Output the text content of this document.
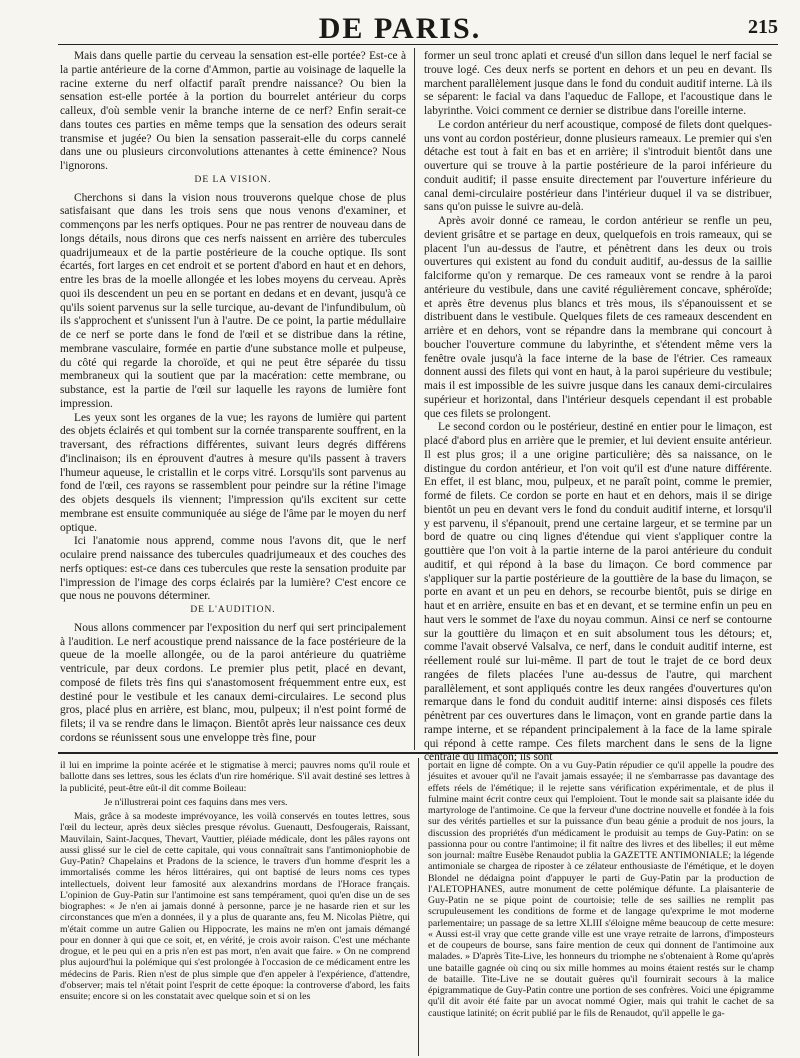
DE PARIS.	215

Mais dans quelle partie du cerveau la sensation est-elle portée? Est-ce à la partie antérieure de la corne d'Ammon, partie au voisinage de laquelle la racine externe du nerf olfactif paraît prendre naissance? Ou bien la sensation est-elle portée à la portion du bourrelet antérieur du corps calleux, d'où semble venir la branche interne de ce nerf? Enfin serait-ce dans toutes ces parties en même temps que la sensation des odeurs serait transmise et jugée? Ou bien la sensation passerait-elle du corps cannelé dans une ou plusieurs circonvolutions attenantes à cette éminence? Nous l'ignorons.

DE LA VISION.

Cherchons si dans la vision nous trouverons quelque chose de plus satisfaisant que dans les trois sens que nous venons d'examiner, et commençons par les nerfs optiques. Pour ne pas rentrer de nouveau dans de longs détails, nous dirons que ces nerfs naissent en arrière des tubercules quadrijumeaux et de la partie postérieure de la couche optique. Ils sont écartés, fort larges en cet endroit et se portent d'abord en haut et en dehors, entre les bras de la moelle allongée et les lobes moyens du cerveau. Après quoi ils descendent un peu en se portant en dedans et en devant, jusqu'à ce qu'ils soient parvenus sur la selle turcique, au-devant de l'infundibulum, où ils s'approchent et s'unissent l'un à l'autre. De ce point, la partie médullaire de ce nerf se porte dans le fond de l'œil et se distribue dans la rétine, membrane vasculaire, formée en partie d'une substance molle et pulpeuse, du côté qui regarde la choroïde, et qui ne peut être séparée du tissu membraneux qui la soutient que par la macération: cette membrane, ou substance, est la partie de l'œil sur laquelle les rayons de lumière font impression.

Les yeux sont les organes de la vue; les rayons de lumière qui partent des objets éclairés et qui tombent sur la cornée transparente souffrent, en la traversant, des réfractions différentes, suivant leurs degrés différens d'inclinaison; ils en éprouvent d'autres à mesure qu'ils passent à travers l'humeur aqueuse, le cristallin et le corps vitré. Lorsqu'ils sont parvenus au fond de l'œil, ces rayons se rassemblent pour peindre sur la rétine l'image des objets desquels ils viennent; l'impression qu'ils excitent sur cette membrane est ensuite communiquée au siége de l'âme par le moyen du nerf optique.

Ici l'anatomie nous apprend, comme nous l'avons dit, que le nerf oculaire prend naissance des tubercules quadrijumeaux et des couches des nerfs optiques: est-ce dans ces tubercules que reste la sensation produite par l'impression de l'image des corps éclairés par la lumière? C'est encore ce que nous ne pouvons déterminer.

DE L'AUDITION.

Nous allons commencer par l'exposition du nerf qui sert principalement à l'audition. Le nerf acoustique prend naissance de la face postérieure de la queue de la moelle allongée, ou de la paroi antérieure du quatrième ventricule, par deux cordons. Le premier plus petit, placé en devant, composé de filets très fins qui s'anastomosent fréquemment entre eux, est destiné pour le vestibule et les canaux demi-circulaires. Le second plus gros, placé plus en arrière, est blanc, mou, pulpeux; il n'est point formé de filets; il va se rendre dans le limaçon. Bientôt après leur naissance ces deux cordons se réunissent sous une enveloppe très fine, pour

former un seul tronc aplati et creusé d'un sillon dans lequel le nerf facial se trouve logé. Ces deux nerfs se portent en dehors et un peu en devant. Ils marchent parallèlement jusque dans le fond du conduit auditif interne. Là ils se séparent: le facial va dans l'aqueduc de Fallope, et l'acoustique dans le labyrinthe. Voici comment ce dernier se distribue dans l'oreille interne.

Le cordon antérieur du nerf acoustique, composé de filets dont quelques-uns vont au cordon postérieur, donne plusieurs rameaux. Le premier qui s'en détache est tout à fait en bas et en arrière; il s'introduit bientôt dans une ouverture qui se trouve à la partie postérieure de la paroi inférieure du conduit auditif; il passe ensuite directement par l'ouverture inférieure du canal demi-circulaire postérieur dans l'intérieur duquel il va se distribuer, sans qu'on puisse le suivre au-delà.

Après avoir donné ce rameau, le cordon antérieur se renfle un peu, devient grisâtre et se partage en deux, quelquefois en trois rameaux, qui se placent l'un au-dessus de l'autre, et pénètrent dans les deux ou trois ouvertures qui existent au fond du conduit auditif, au-dessus de la saillie falciforme qu'on y remarque. De ces rameaux vont se rendre à la paroi antérieure du vestibule, dans une cavité régulièrement concave, sphéroïde; et après être devenus plus blancs et très mous, ils s'épanouissent et se distribuent dans le vestibule. Quelques filets de ces rameaux descendent en arrière et en dehors, vont se répandre dans la membrane qui concourt à boucher l'ouverture commune du labyrinthe, et s'étendent même vers la fenêtre ovale jusqu'à la face interne de la base de l'étrier. Ces rameaux donnent aussi des filets qui vont en haut, à la paroi supérieure du vestibule; mais il est impossible de les suivre jusque dans les canaux demi-circulaires supérieur et horizontal, dans l'intérieur desquels cependant il est probable que ces filets se prolongent.

Le second cordon ou le postérieur, destiné en entier pour le limaçon, est placé d'abord plus en arrière que le premier, et lui devient ensuite antérieur. Il est plus gros; il a une origine particulière; dès sa naissance, on le distingue du cordon antérieur, et l'on voit qu'il est d'une nature différente. En effet, il est blanc, mou, pulpeux, et ne paraît point, comme le premier, formé de filets. Ce cordon se porte en haut et en dehors, mais il se dirige bientôt un peu en devant vers le fond du conduit auditif interne, et lorsqu'il y est parvenu, il s'épanouit, prend une certaine largeur, et se termine par un bord de quatre ou cinq lignes d'étendue qui vient s'appliquer contre la gouttière que l'on voit à la partie interne de la paroi antérieure du conduit auditif, et qui répond à la base du limaçon. Ce bord commence par s'appliquer sur la partie postérieure de la gouttière de la base du limaçon, se porte en avant et un peu en dehors, se recourbe bientôt, puis se dirige en haut et en arrière, ensuite en bas et en devant, et se termine enfin un peu en haut vers le sommet de l'axe du noyau commun. Ainsi ce nerf se contourne sur la gouttière du limaçon et en suit absolument tous les détours; et, comme l'avait observé Valsalva, ce nerf, dans le conduit auditif interne, est réellement roulé sur lui-même. Il part de tout le trajet de ce bord deux rangées de filets placées l'une au-dessus de l'autre, qui marchent parallèlement, et sont appliqués contre les deux rangées d'ouvertures qu'on remarque dans le fond du conduit auditif interne: ainsi disposés ces filets pénètrent par ces ouvertures dans le limaçon, vont en grande partie dans la rampe interne, et se répandent principalement à la face de la lame spirale qui répond à cette rampe. Ces filets marchent dans le sens de la ligne centrale du limaçon; ils sont

il lui en imprime la pointe acérée et le stigmatise à merci; pauvres noms qu'il roule et ballotte dans ses lettres, sous les éclats d'un rire homérique. S'il avait destiné ses lettres à la publicité, peut-être eût-il dit comme Boileau:

Je n'illustrerai point ces faquins dans mes vers.

Mais, grâce à sa modeste imprévoyance, les voilà conservés en toutes lettres, sous l'œil du lecteur, après deux siècles presque révolus. Guenautt, Desfougerais, Raissant, Mauvilain, Saint-Jacques, Thevart, Vauttier, pléiade médicale, dont les pâles rayons ont aussi glissé sur le ciel de cette capitale, qui vous connaîtrait sans l'antimoniophobie de Guy-Patin? Chapelains et Pradons de la science, le travers d'un homme d'esprit les a immortalisés comme les héros littéraires, qui ont baptisé de leurs noms ces types intellectuels, doivent leur famosité aux alexandrins mordans de l'Horace français. L'opinion de Guy-Patin sur l'antimoine est sans tempérament, quoi qu'en dise un de ses biographes: « Je n'en ai jamais donné à personne, parce je ne hasarde rien et sur les circonstances que m'en a données, il y a plus de quarante ans, feu M. Nicolas Piètre, qui m'était comme un autre Galien ou Hippocrate, les mains ne m'en ont jamais démangé pour en donner à qui que ce soit, et, en vérité, je crois avoir raison. C'est une méchante drogue, et le peu qui en a pris n'en est pas mort, n'en avait que faire. » On ne comprend plus aujourd'hui la polémique qui s'est prolongée à l'occasion de ce médicament entre les médecins de Paris. Rien n'est de plus simple que d'en appeler à l'expérience, d'attendre, d'observer; mais tel n'était point l'esprit de cette époque: la controverse d'abord, les faits ensuite; encore si on les constatait avec quelque soin et si on les

portait en ligne de compte. On a vu Guy-Patin répudier ce qu'il appelle la poudre des jésuites et avouer qu'il ne l'avait jamais essayée; il ne s'embarrasse pas davantage des effets réels de l'émétique; il le rejette sans vérification expérimentale, et de plus il fulmine maint écrit contre ceux qui l'emploient. Tout le monde sait sa plaisante idée du martyrologe de l'antimoine. Ce que la ferveur d'une doctrine nouvelle et fondée à la fois sur des vérités partielles et sur la puissance d'un beau génie a produit de nos jours, la discussion des propriétés d'un médicament le produisit au temps de Guy-Patin: on se passionna pour ou contre l'antimoine; il fit naître des livres et des libelles; il eut même son journal: maître Eusèbe Renaudot publia la GAZETTE ANTIMONIALE; la légende antimoniale se chargea de riposter à ce zélateur enthousiaste de l'émétique, et le doyen Blondel ne dédaigna point d'appuyer le parti de Guy-Patin par la production de l'ALETOPHANES, autre monument de cette polémique défunte. La plaisanterie de Guy-Patin ne se pique point de courtoisie; telle de ses saillies ne remplit pas scrupuleusement les conditions de forme et de langage qu'exprime le mot moderne parlementaire; un passage de sa lettre XLIII s'éloigne même beaucoup de cette mesure: « Aussi est-il vray que cette grande ville est une vraye retraite de larrons, d'imposteurs et de coupeurs de bourse, sans faire mention de ceux qui donnent de l'antimoine aux malades. » D'après Tite-Live, les honneurs du triomphe ne s'obtenaient à Rome qu'après une bataille gagnée où cinq ou six mille hommes au moins étaient restés sur le champ de bataille. Tite-Live ne se doutait guères qu'il fournirait secours à la malice épigrammatique de Guy-Patin contre une portion de ses confrères. Voici une épigramme qu'il dit avoir été faite par un avocat nommé Ogier, mais qui trahit le cachet de sa caustique latinité; on écrit publié par le fils de Renaudot, qu'il appelle le ga-
